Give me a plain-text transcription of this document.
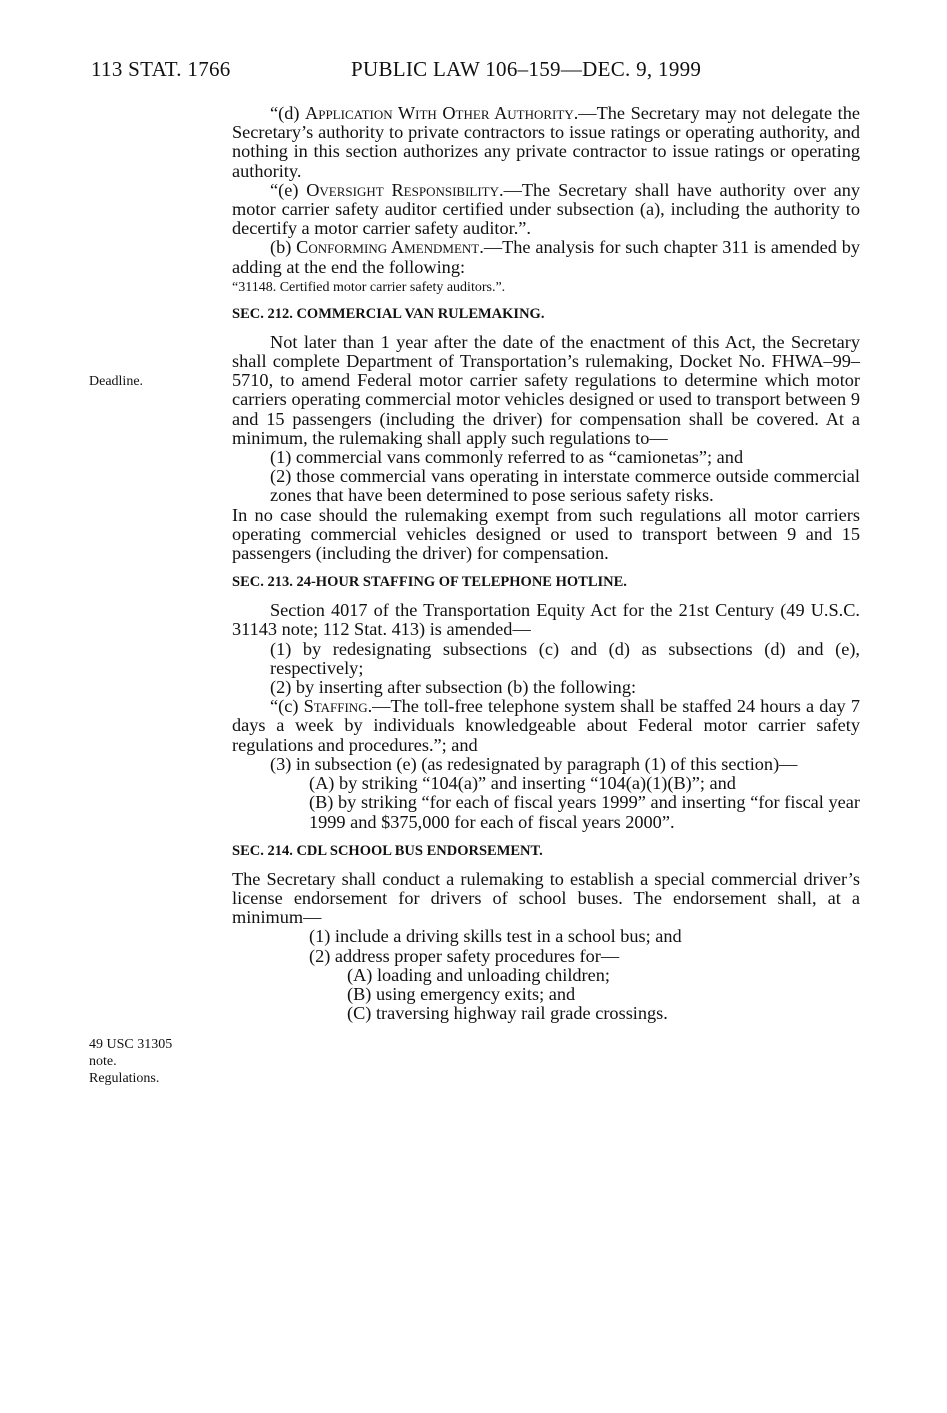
113 STAT. 1766	PUBLIC LAW 106–159—DEC. 9, 1999
Deadline.
49 USC 31305
note.
Regulations.

“(d) Application With Other Authority.—The Secretary may not delegate the Secretary’s authority to private contractors to issue ratings or operating authority, and nothing in this section authorizes any private contractor to issue ratings or operating authority.

“(e) Oversight Responsibility.—The Secretary shall have authority over any motor carrier safety auditor certified under subsection (a), including the authority to decertify a motor carrier safety auditor.”.

(b) Conforming Amendment.—The analysis for such chapter 311 is amended by adding at the end the following:

“31148. Certified motor carrier safety auditors.”.

SEC. 212. COMMERCIAL VAN RULEMAKING.

Not later than 1 year after the date of the enactment of this Act, the Secretary shall complete Department of Transportation’s rulemaking, Docket No. FHWA–99–5710, to amend Federal motor carrier safety regulations to determine which motor carriers operating commercial motor vehicles designed or used to transport between 9 and 15 passengers (including the driver) for compensation shall be covered. At a minimum, the rulemaking shall apply such regulations to—

(1) commercial vans commonly referred to as “camionetas”; and

(2) those commercial vans operating in interstate commerce outside commercial zones that have been determined to pose serious safety risks.

In no case should the rulemaking exempt from such regulations all motor carriers operating commercial vehicles designed or used to transport between 9 and 15 passengers (including the driver) for compensation.

SEC. 213. 24-HOUR STAFFING OF TELEPHONE HOTLINE.

Section 4017 of the Transportation Equity Act for the 21st Century (49 U.S.C. 31143 note; 112 Stat. 413) is amended—

(1) by redesignating subsections (c) and (d) as subsections (d) and (e), respectively;

(2) by inserting after subsection (b) the following:

“(c) Staffing.—The toll-free telephone system shall be staffed 24 hours a day 7 days a week by individuals knowledgeable about Federal motor carrier safety regulations and procedures.”; and

(3) in subsection (e) (as redesignated by paragraph (1) of this section)—

(A) by striking “104(a)” and inserting “104(a)(1)(B)”; and

(B) by striking “for each of fiscal years 1999” and inserting “for fiscal year 1999 and $375,000 for each of fiscal years 2000”.

SEC. 214. CDL SCHOOL BUS ENDORSEMENT.

The Secretary shall conduct a rulemaking to establish a special commercial driver’s license endorsement for drivers of school buses. The endorsement shall, at a minimum—

(1) include a driving skills test in a school bus; and

(2) address proper safety procedures for—

(A) loading and unloading children;

(B) using emergency exits; and

(C) traversing highway rail grade crossings.
